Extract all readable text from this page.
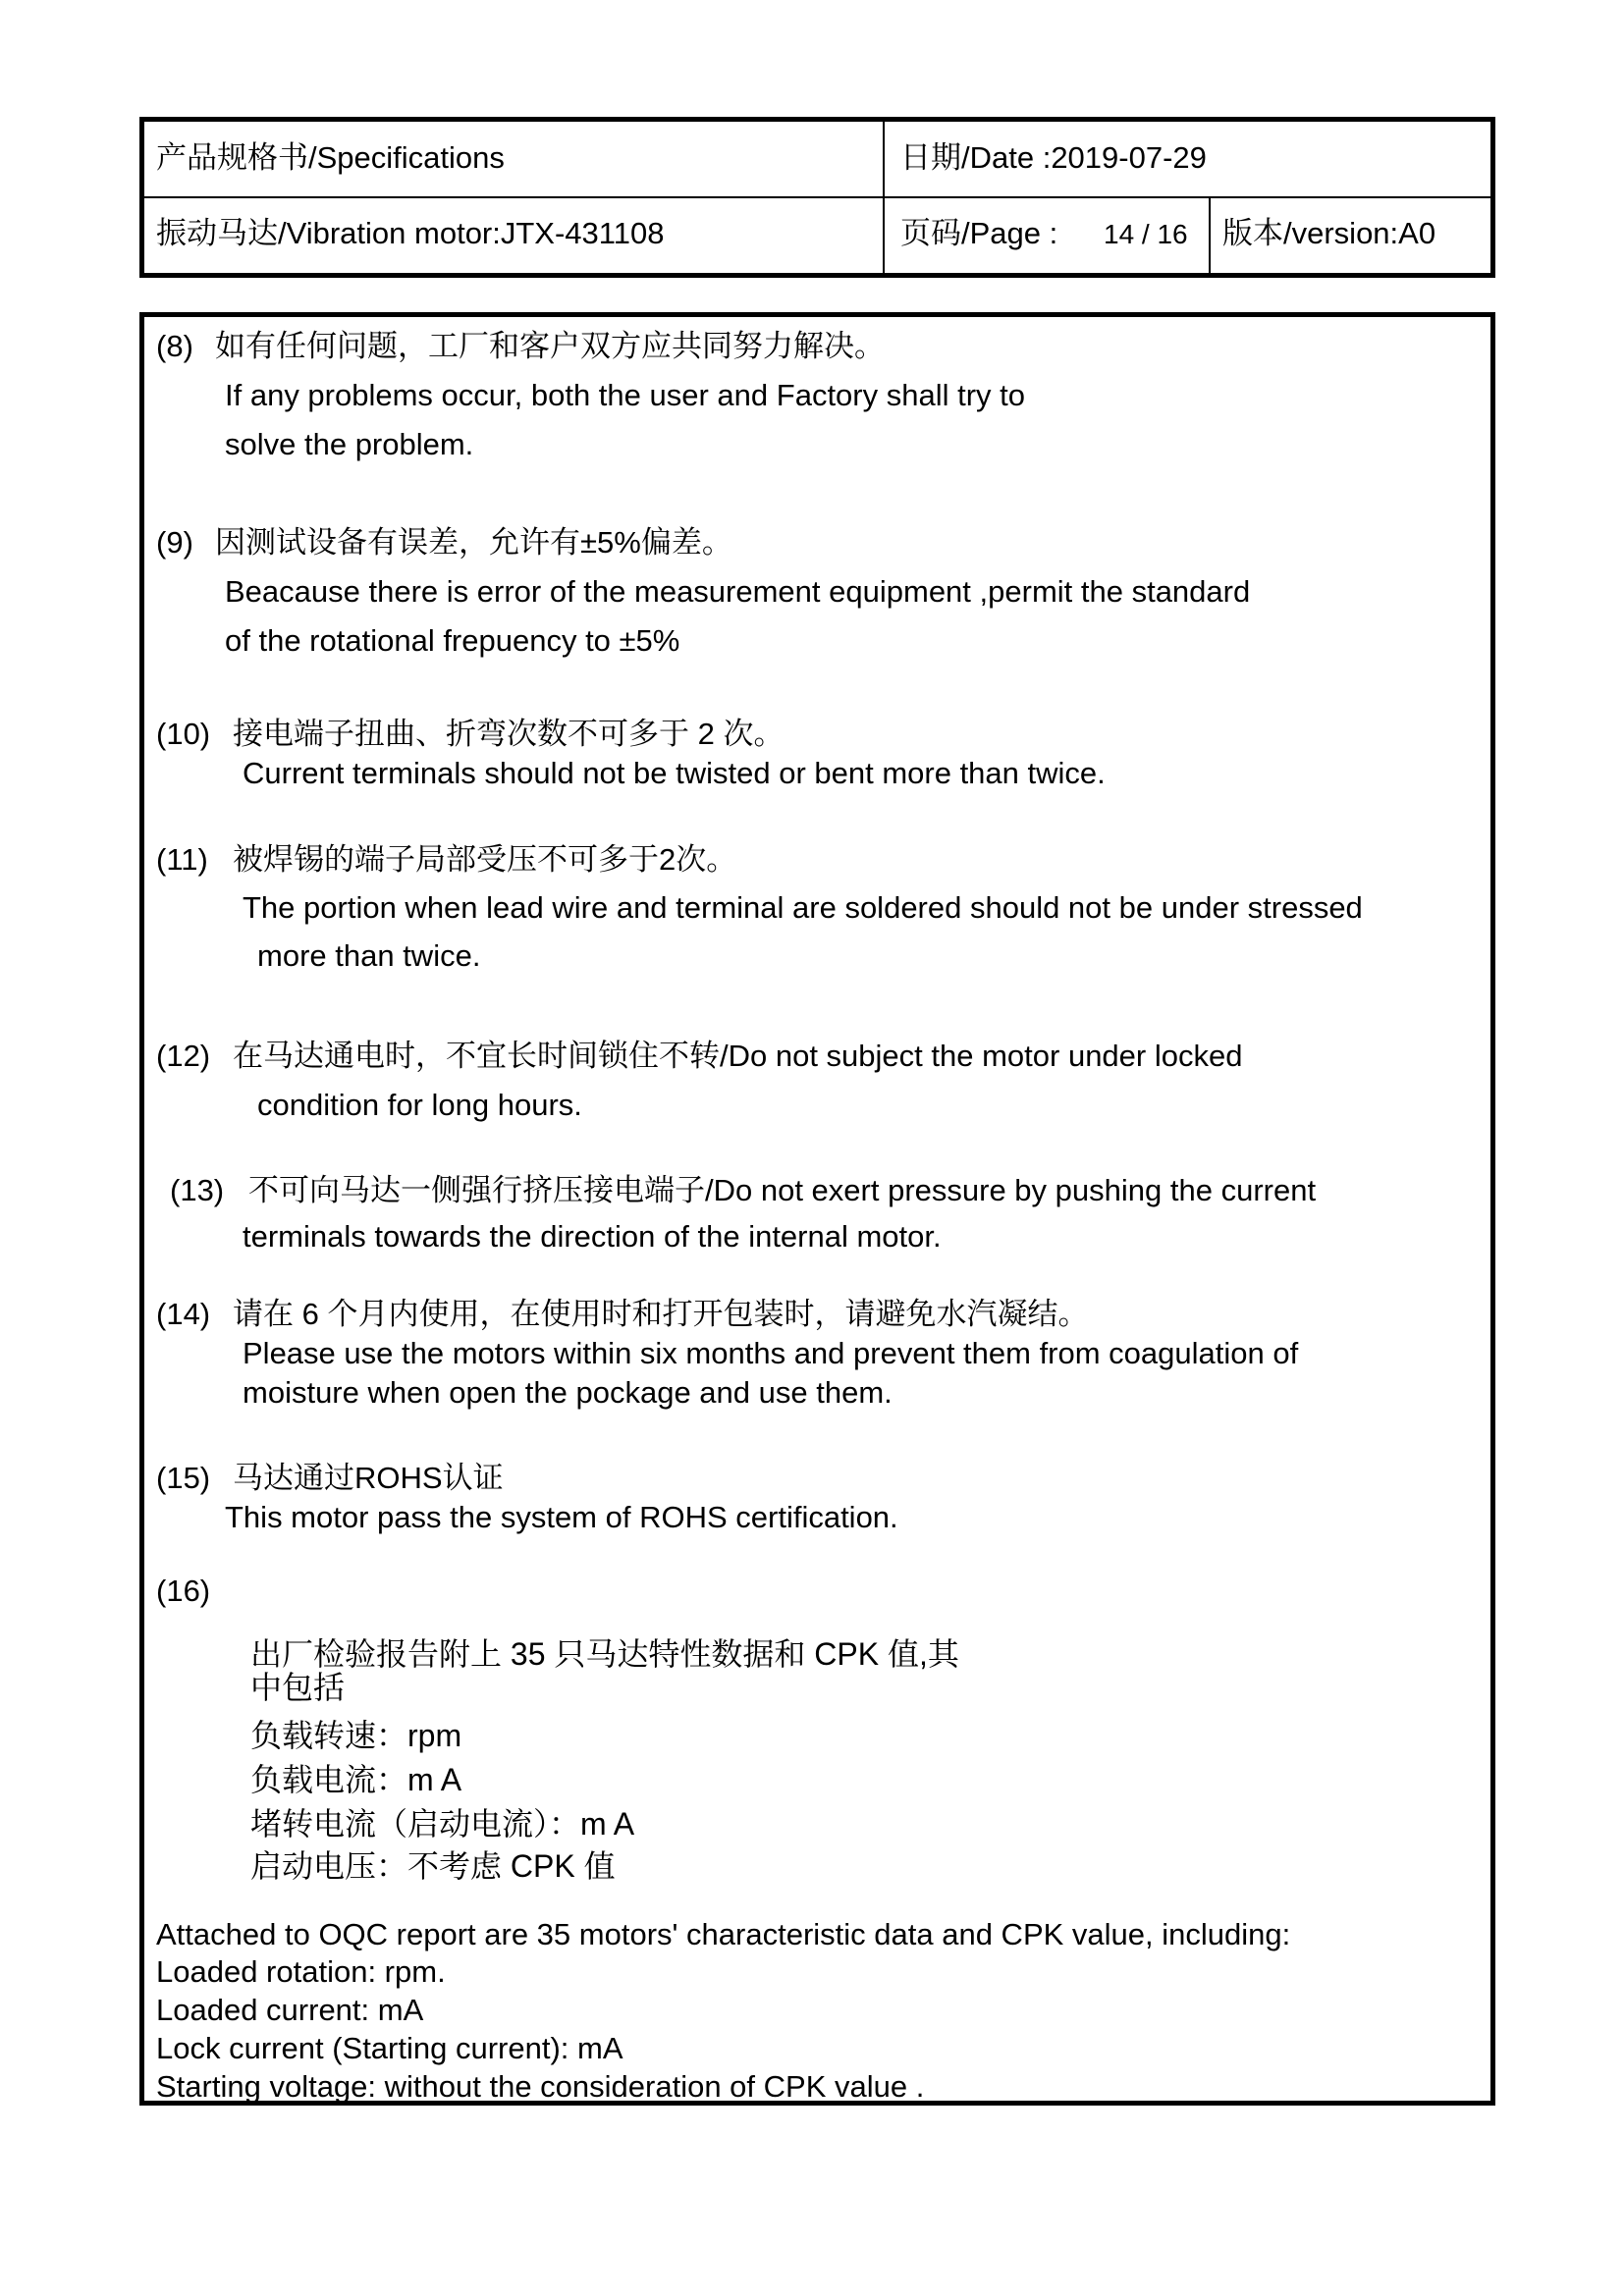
产品规格书/Specifications	日期/Date :2019-07-29
振动马达/Vibration motor:JTX-431108	页码/Page : 14 / 16 版本/version:A0
(8) 如有任何问题，工厂和客户双方应共同努力解决。
If any problems occur, both the user and Factory shall try to
solve the problem.
(9) 因测试设备有误差，允许有±5%偏差。
Beacause there is error of the measurement equipment ,permit the standard
of the rotational frepuency to ±5%
(10) 接电端子扭曲、折弯次数不可多于 2 次。
Current terminals should not be twisted or bent more than twice.
(11) 被焊锡的端子局部受压不可多于2次。
The portion when lead wire and terminal are soldered should not be under stressed
more than twice.
(12) 在马达通电时，不宜长时间锁住不转/Do not subject the motor under locked
condition for long hours.
(13) 不可向马达一侧强行挤压接电端子/Do not exert pressure by pushing the current
terminals towards the direction of the internal motor.
(14) 请在 6 个月内使用，在使用时和打开包装时，请避免水汽凝结。
Please use the motors within six months and prevent them from coagulation of
moisture when open the pockage and use them.
(15) 马达通过ROHS认证
This motor pass the system of ROHS certification.
(16)
出厂检验报告附上 35 只马达特性数据和 CPK 值,其
中包括
负载转速：rpm
负载电流：m A
堵转电流（启动电流）：m A
启动电压：不考虑 CPK 值
Attached to OQC report are 35 motors' characteristic data and CPK value, including:
Loaded rotation: rpm.
Loaded current: mA
Lock current (Starting current): mA
Starting voltage: without the consideration of CPK value .
